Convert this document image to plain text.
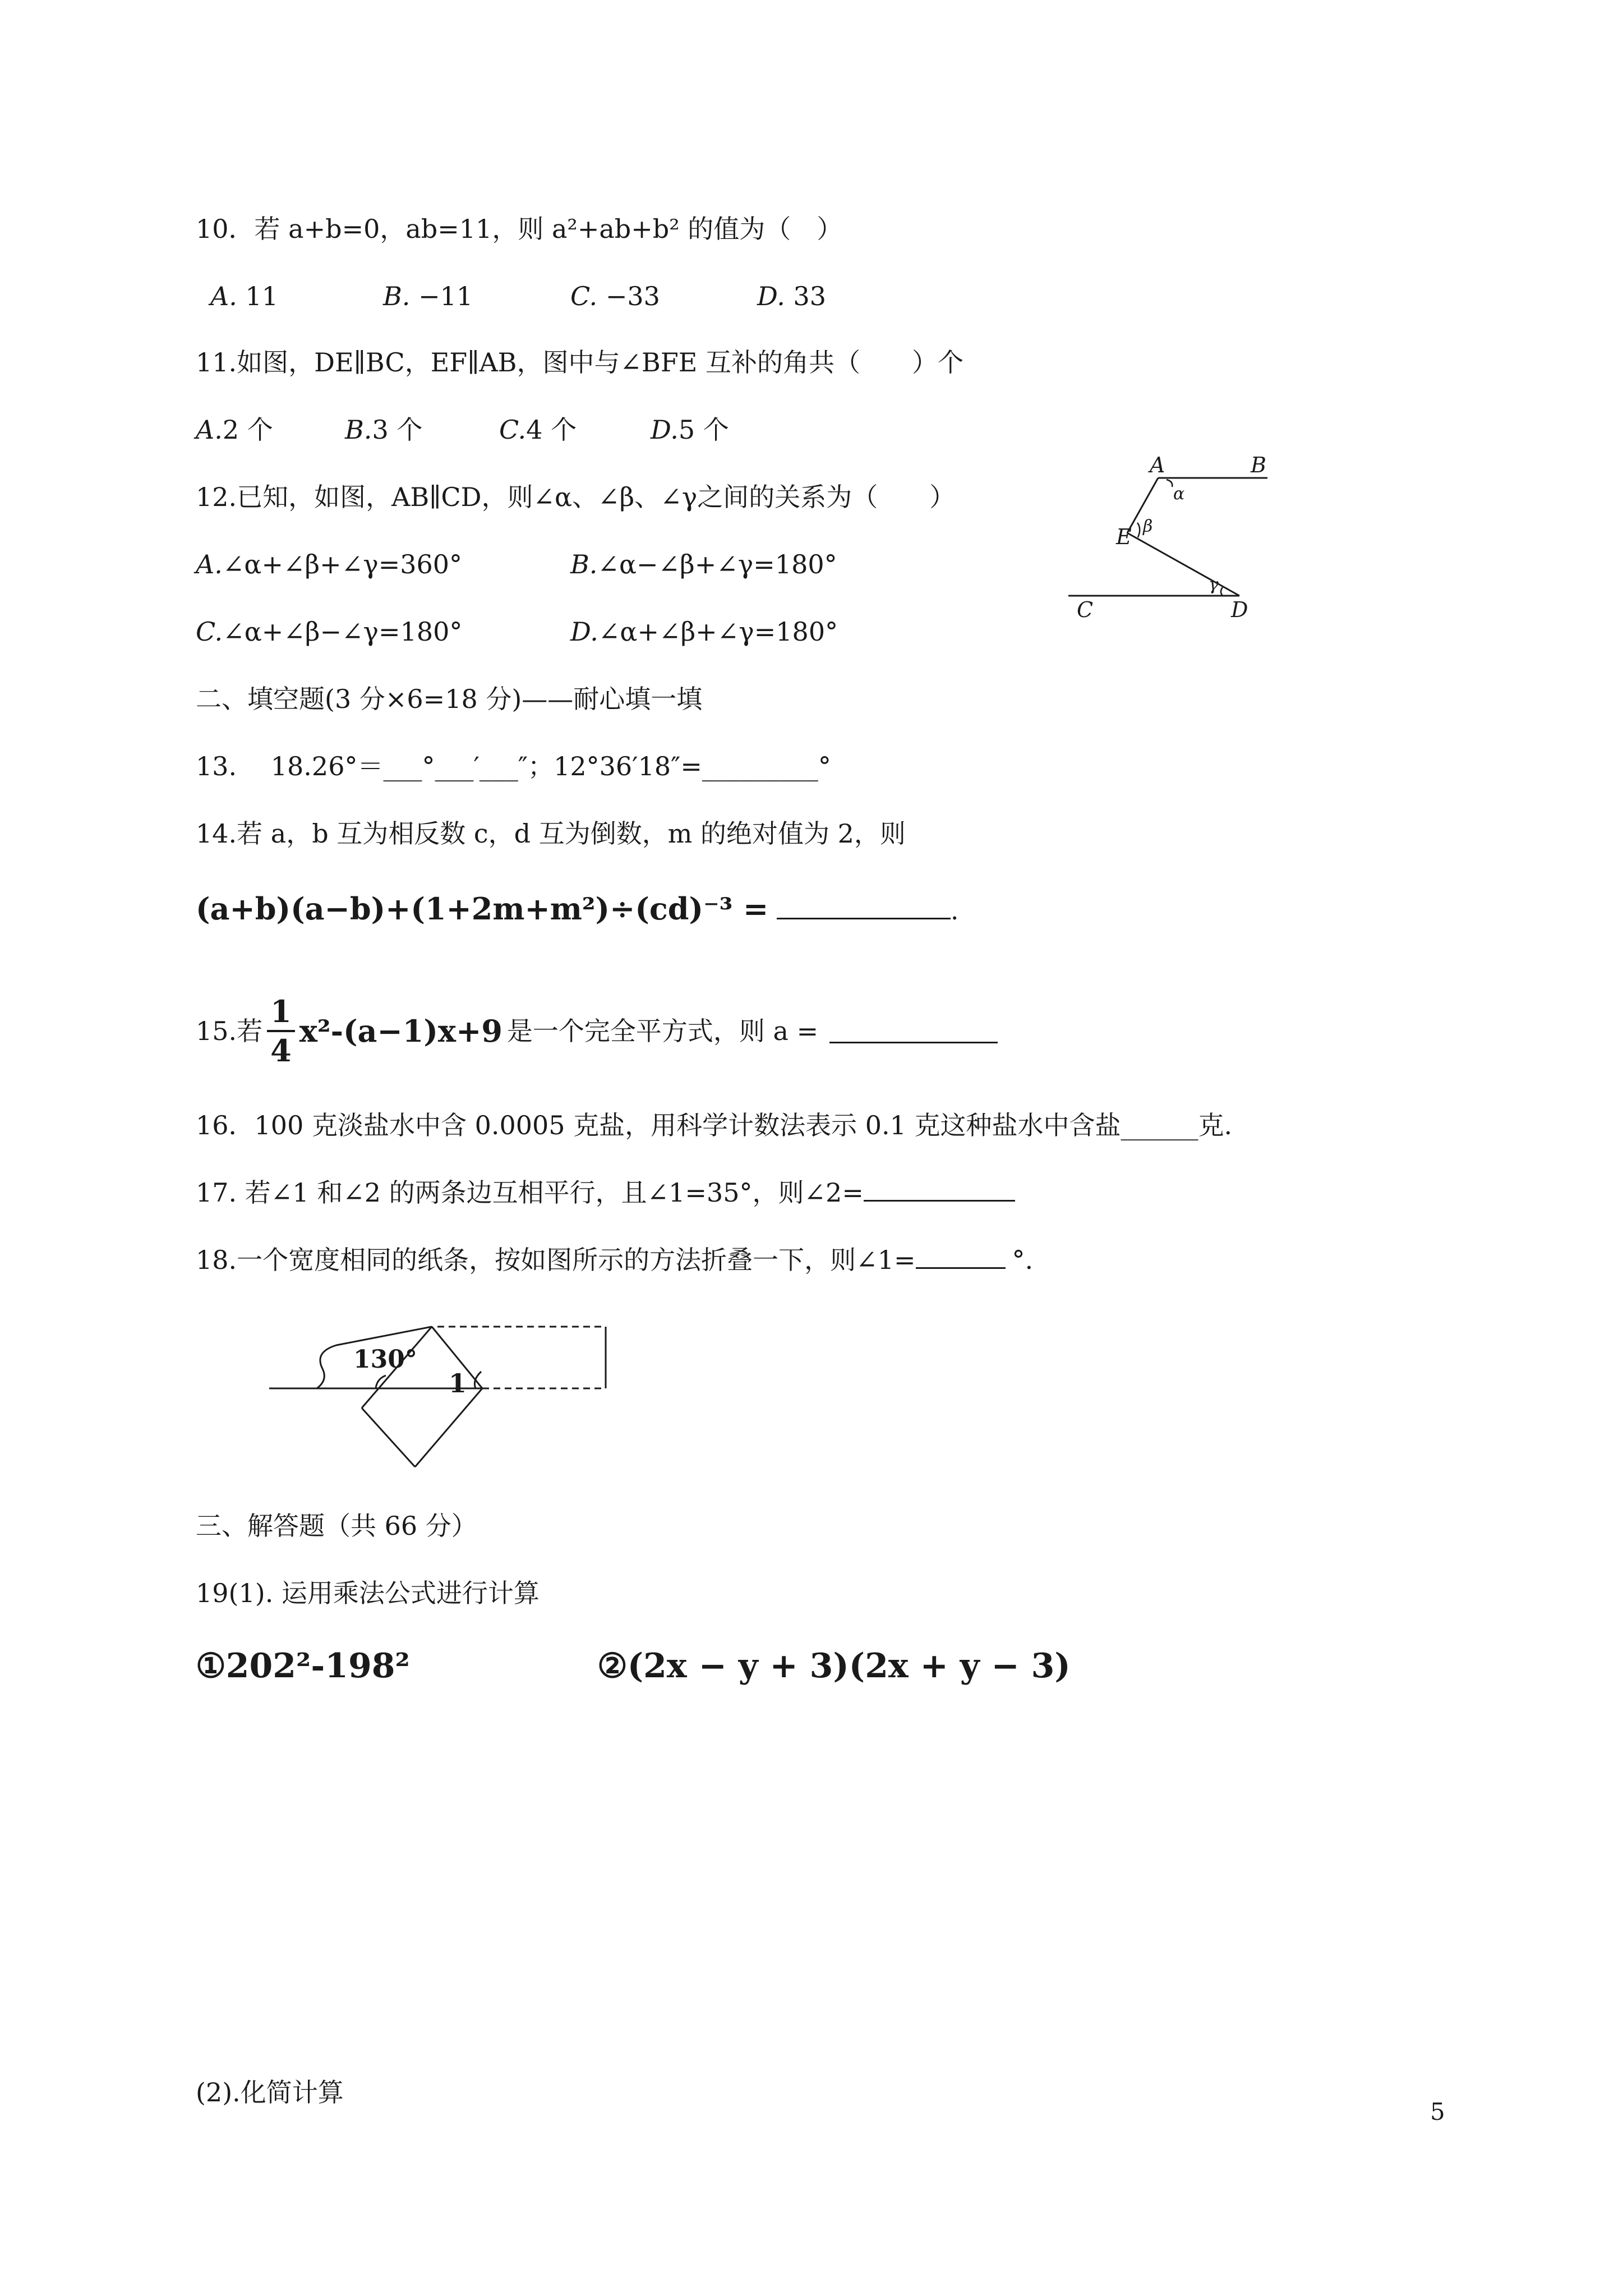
10．若 a+b=0，ab=11，则 a²+ab+b² 的值为（　）
A. 11	B. −11	C. −33	D. 33
11.如图，DE∥BC，EF∥AB，图中与∠BFE 互补的角共（　　）个
A.2 个	B.3 个	C.4 个	D.5 个
12.已知，如图，AB∥CD，则∠α、∠β、∠γ之间的关系为（　　）
A.∠α+∠β+∠γ=360°	B.∠α−∠β+∠γ=180°
C.∠α+∠β−∠γ=180°	D.∠α+∠β+∠γ=180°
A	B
E
C	D
α
β
γ
二、填空题(3 分×6=18 分)——耐心填一填
13.　 18.26°＝___°___′___″；12°36′18″=_________°
14.若 a，b 互为相反数 c，d 互为倒数，m 的绝对值为 2，则
(a+b)(a−b)+(1+2m+m²)÷(cd)⁻³ =	.
15.若 $\frac{1}{4} x^2-(a-1)x+9$ 是一个完全平方式，则 a =
16．100 克淡盐水中含 0.0005 克盐，用科学计数法表示 0.1 克这种盐水中含盐______克.
17. 若∠1 和∠2 的两条边互相平行，且∠1=35°，则∠2=
18.一个宽度相同的纸条，按如图所示的方法折叠一下，则∠1=	°.
130°
1
三、解答题（共 66 分）
19(1). 运用乘法公式进行计算
①202²-198²	②(2x − y + 3)(2x + y − 3)
(2).化简计算
5
